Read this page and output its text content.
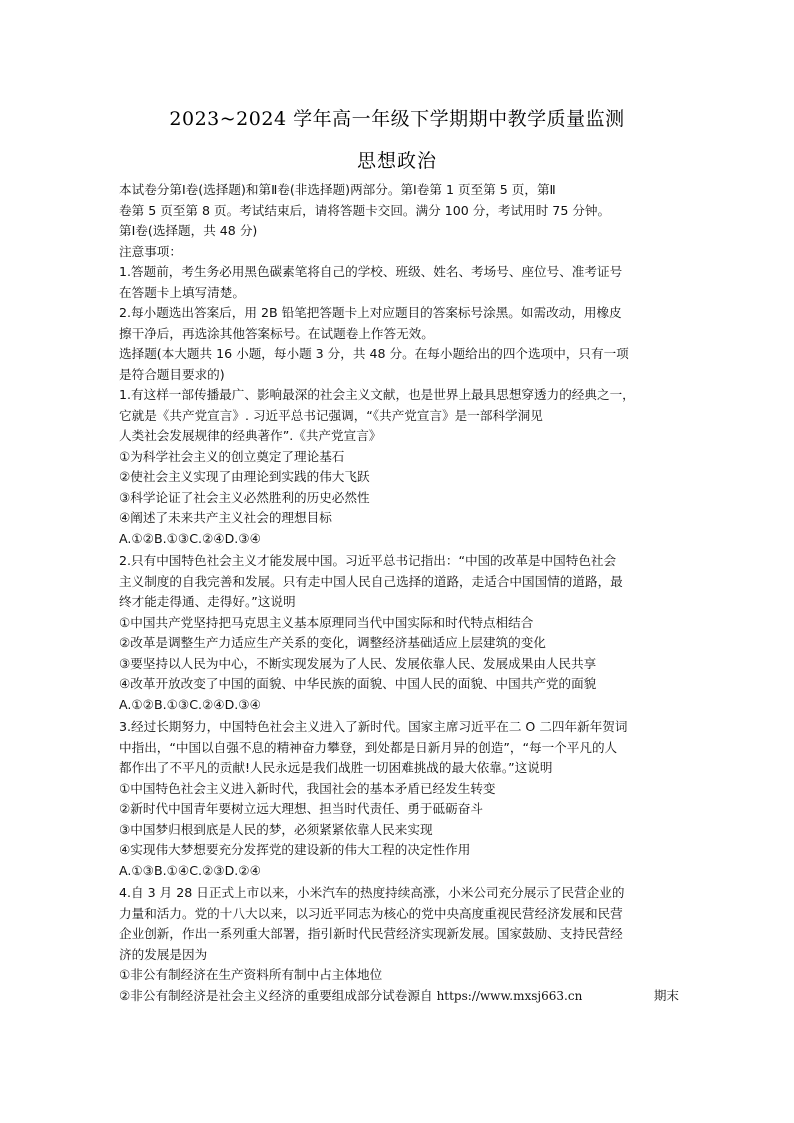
2023~2024 学年高一年级下学期期中教学质量监测
思想政治

本试卷分第Ⅰ卷(选择题)和第Ⅱ卷(非选择题)两部分。第Ⅰ卷第 1 页至第 5 页，第Ⅱ

卷第 5 页至第 8 页。考试结束后，请将答题卡交回。满分 100 分，考试用时 75 分钟。

第Ⅰ卷(选择题，共 48 分)

注意事项：

1.答题前，考生务必用黑色碳素笔将自己的学校、班级、姓名、考场号、座位号、准考证号

在答题卡上填写清楚。

2.每小题选出答案后，用 2B 铅笔把答题卡上对应题目的答案标号涂黑。如需改动，用橡皮

擦干净后，再选涂其他答案标号。在试题卷上作答无效。

选择题(本大题共 16 小题，每小题 3 分，共 48 分。在每小题给出的四个选项中，只有一项

是符合题目要求的)

1.有这样一部传播最广、影响最深的社会主义文献，也是世界上最具思想穿透力的经典之一，

它就是《共产党宣言》. 习近平总书记强调，“《共产党宣言》是一部科学洞见

人类社会发展规律的经典著作”.《共产党宣言》

①为科学社会主义的创立奠定了理论基石

②使社会主义实现了由理论到实践的伟大飞跃

③科学论证了社会主义必然胜利的历史必然性

④阐述了未来共产主义社会的理想目标

A.①②B.①③C.②④D.③④

2.只有中国特色社会主义才能发展中国。习近平总书记指出：“中国的改革是中国特色社会

主义制度的自我完善和发展。只有走中国人民自己选择的道路，走适合中国国情的道路，最

终才能走得通、走得好。”这说明

①中国共产党坚持把马克思主义基本原理同当代中国实际和时代特点相结合

②改革是调整生产力适应生产关系的变化，调整经济基础适应上层建筑的变化

③要坚持以人民为中心，不断实现发展为了人民、发展依靠人民、发展成果由人民共享

④改革开放改变了中国的面貌、中华民族的面貌、中国人民的面貌、中国共产党的面貌

A.①②B.①③C.②④D.③④

3.经过长期努力，中国特色社会主义进入了新时代。国家主席习近平在二 O 二四年新年贺词

中指出，“中国以自强不息的精神奋力攀登，到处都是日新月异的创造”，“每一个平凡的人

都作出了不平凡的贡献!人民永远是我们战胜一切困难挑战的最大依靠。”这说明

①中国特色社会主义进入新时代，我国社会的基本矛盾已经发生转变

②新时代中国青年要树立远大理想、担当时代责任、勇于砥砺奋斗

③中国梦归根到底是人民的梦，必须紧紧依靠人民来实现

④实现伟大梦想要充分发挥党的建设新的伟大工程的决定性作用

A.①③B.①④C.②③D.②④

4.自 3 月 28 日正式上市以来，小米汽车的热度持续高涨，小米公司充分展示了民营企业的

力量和活力。党的十八大以来，以习近平同志为核心的党中央高度重视民营经济发展和民营

企业创新，作出一系列重大部署，指引新时代民营经济实现新发展。国家鼓励、支持民营经

济的发展是因为

①非公有制经济在生产资料所有制中占主体地位

②非公有制经济是社会主义经济的重要组成部分试卷源自 https://www.mxsj663.cn	期末
